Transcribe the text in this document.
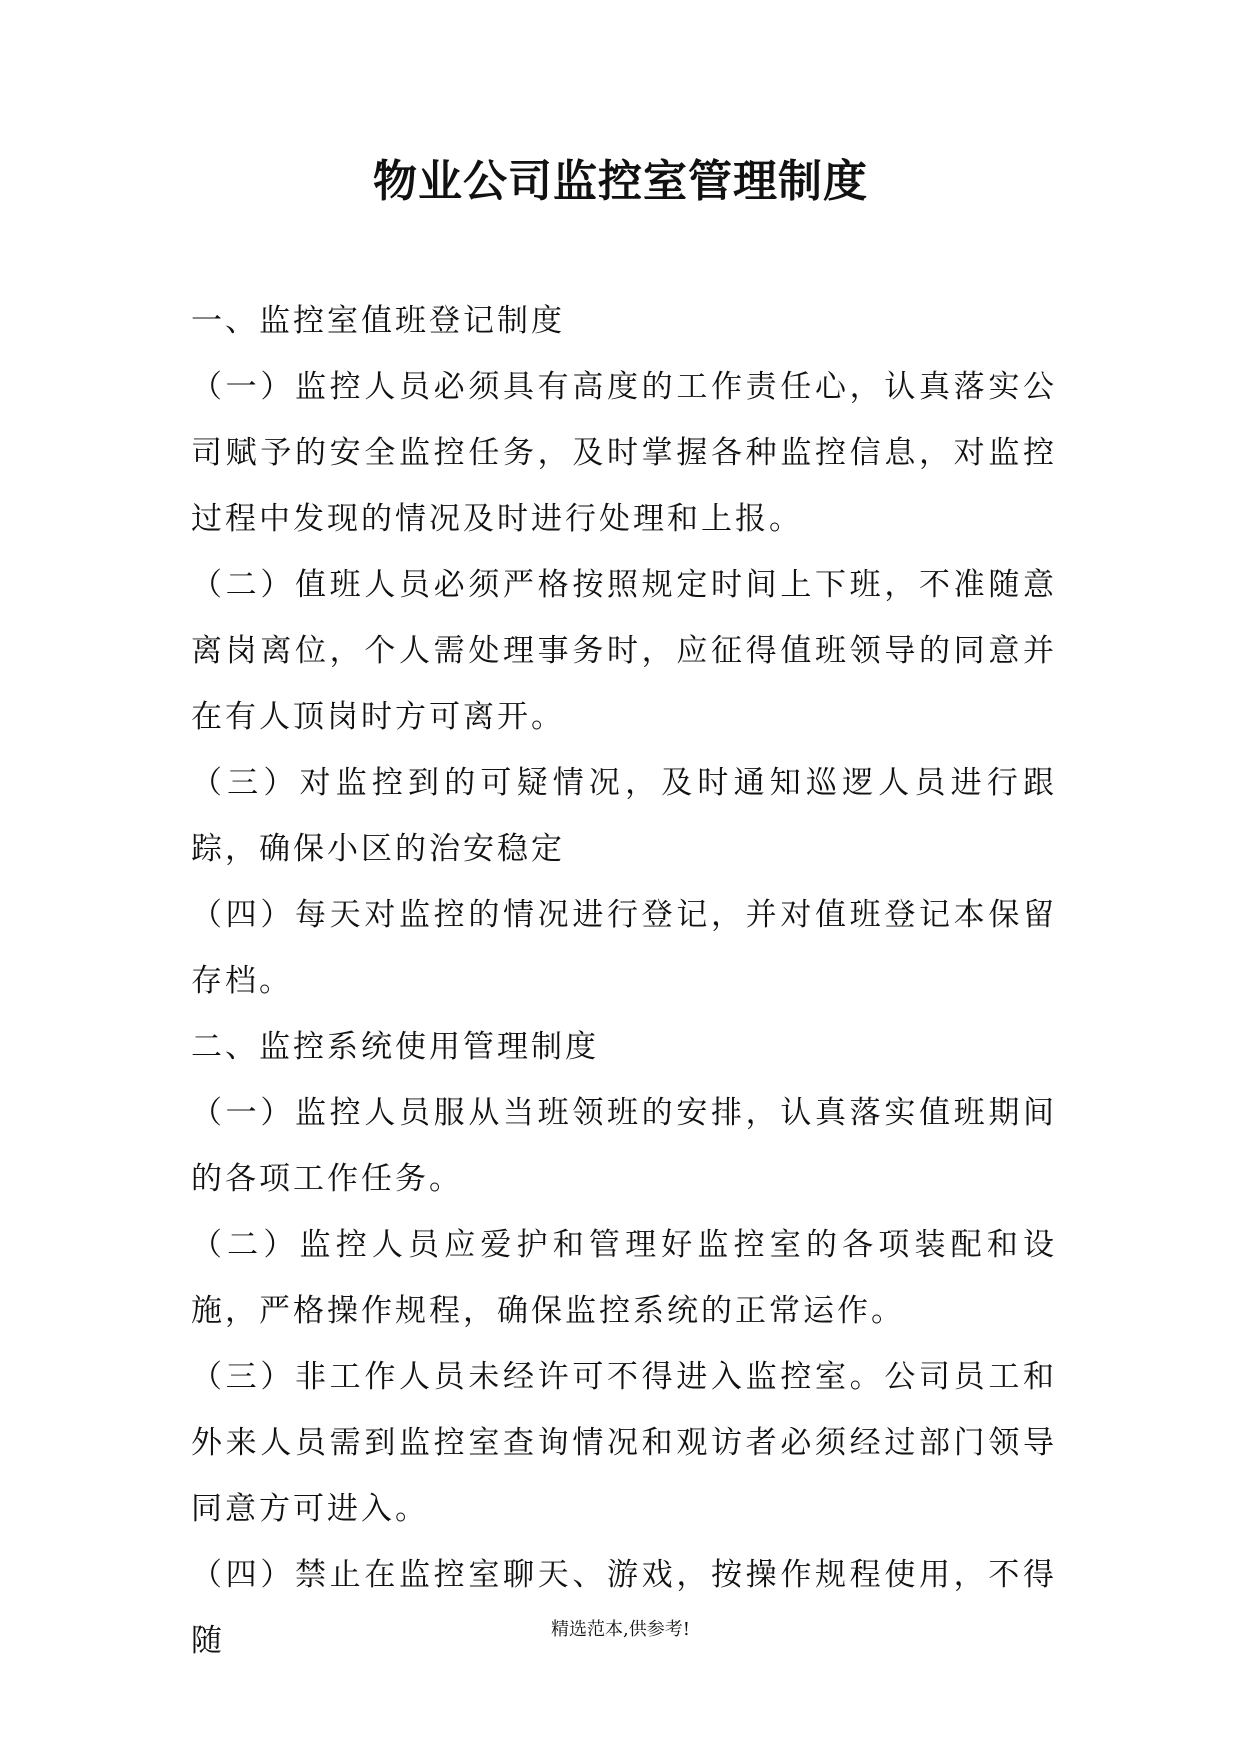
物业公司监控室管理制度

一、监控室值班登记制度

（一）监控人员必须具有高度的工作责任心，认真落实公司赋予的安全监控任务，及时掌握各种监控信息，对监控过程中发现的情况及时进行处理和上报。

（二）值班人员必须严格按照规定时间上下班，不准随意离岗离位，个人需处理事务时，应征得值班领导的同意并在有人顶岗时方可离开。

（三）对监控到的可疑情况，及时通知巡逻人员进行跟踪，确保小区的治安稳定

（四）每天对监控的情况进行登记，并对值班登记本保留存档。

二、监控系统使用管理制度

（一）监控人员服从当班领班的安排，认真落实值班期间的各项工作任务。

（二）监控人员应爱护和管理好监控室的各项装配和设施，严格操作规程，确保监控系统的正常运作。

（三）非工作人员未经许可不得进入监控室。公司员工和外来人员需到监控室查询情况和观访者必须经过部门领导同意方可进入。

（四）禁止在监控室聊天、游戏，按操作规程使用，不得随	精选范本,供参考!
